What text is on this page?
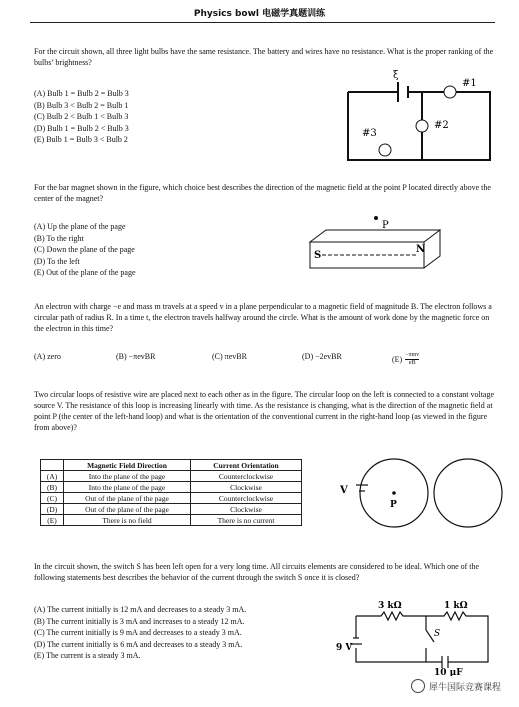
Physics bowl 电磁学真题训练
For the circuit shown, all three light bulbs have the same resistance. The battery and wires have no resistance. What is the proper ranking of the bulbs’ brightness?
(A) Bulb 1 = Bulb 2 = Bulb 3
(B) Bulb 3 < Bulb 2 = Bulb 1
(C) Bulb 2 < Bulb 1 < Bulb 3
(D) Bulb 1 = Bulb 2 < Bulb 3
(E) Bulb 1 = Bulb 3 < Bulb 2
ξ
#1
#2
#3
For the bar magnet shown in the figure, which choice best describes the direction of the magnetic field at the point P located directly above the center of the magnet?
(A) Up the plane of the page
(B) To the right
(C) Down the plane of the page
(D) To the left
(E) Out of the plane of the page
P
S
N
An electron with charge −e and mass m travels at a speed v in a plane perpendicular to a magnetic field of magnitude B. The electron follows a circular path of radius R. In a time t, the electron travels halfway around the circle. What is the amount of work done by the magnetic force on the electron in this time?
(A) zero	(B) −πevBR	(C) πevBR	(D) −2evBR	(E) −πmv
eB
Two circular loops of resistive wire are placed next to each other as in the figure. The circular loop on the left is connected to a constant voltage source V. The resistance of this loop is increasing linearly with time. As the resistance is changing, what is the direction of the magnetic field at point P (the center of the left-hand loop) and what is the orientation of the conventional current in the right-hand loop (as viewed in the figure from above)?
	Magnetic Field Direction	Current Orientation
(A)	Into the plane of the page	Counterclockwise
(B)	Into the plane of the page	Clockwise
(C)	Out of the plane of the page	Counterclockwise
(D)	Out of the plane of the page	Clockwise
(E)	There is no field	There is no current
V
P
In the circuit shown, the switch S has been left open for a very long time. All circuits elements are considered to be ideal. Which one of the following statements best describes the behavior of the current through the switch S once it is closed?
(A) The current initially is 12 mA and decreases to a steady 3 mA.
(B) The current initially is 3 mA and increases to a steady 12 mA.
(C) The current initially is 9 mA and decreases to a steady 3 mA.
(D) The current initially is 6 mA and decreases to a steady 3 mA.
(E) The current is a steady 3 mA.
3 kΩ	1 kΩ
S
9 V
10 μF
犀牛国际竞赛课程
